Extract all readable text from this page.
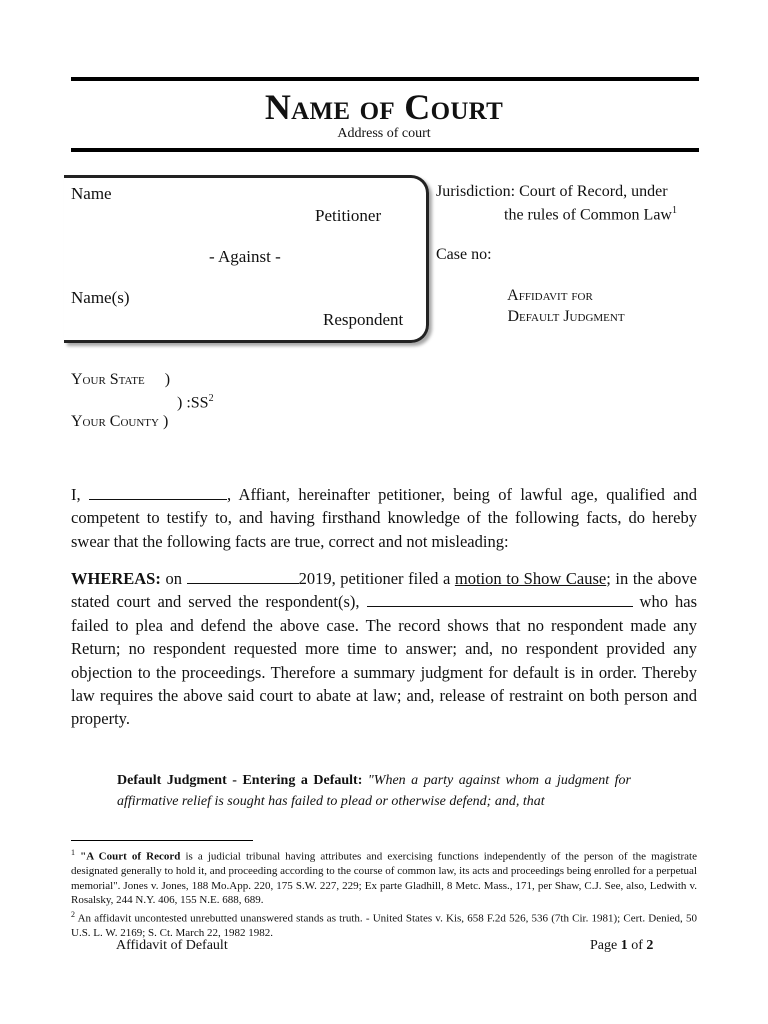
Name of Court
Address of court
Name
Petitioner
- Against -
Name(s)
Respondent
Jurisdiction: Court of Record, under
the rules of Common Law$^1$
Case no:
Affidavit for
Default Judgment
Your State )
) $:SS^2$
Your County )
I,	, Affiant, hereinafter petitioner, being of lawful age, qualified and competent to testify to, and having firsthand knowledge of the following facts, do hereby swear that the following facts are true, correct and not misleading:
WHEREAS: on	2019, petitioner filed a motion to Show Cause; in the above stated court and served the respondent(s),	who has failed to plea and defend the above case. The record shows that no respondent made any Return; no respondent requested more time to answer; and, no respondent provided any objection to the proceedings. Therefore a summary judgment for default is in order. Thereby law requires the above said court to abate at law; and, release of restraint on both person and property.
Default Judgment - Entering a Default: "When a party against whom a judgment for affirmative relief is sought has failed to plead or otherwise defend; and, that
$^1$ "A Court of Record is a judicial tribunal having attributes and exercising functions independently of the person of the magistrate designated generally to hold it, and proceeding according to the course of common law, its acts and proceedings being enrolled for a perpetual memorial". Jones v. Jones, 188 Mo.App. 220, 175 S.W. 227, 229; Ex parte Gladhill, 8 Metc. Mass., 171, per Shaw, C.J. See, also, Ledwith v. Rosalsky, 244 N.Y. 406, 155 N.E. 688, 689.
$^2$ An affidavit uncontested unrebutted unanswered stands as truth. - United States v. Kis, 658 F.2d 526, 536 (7th Cir. 1981); Cert. Denied, 50 U.S. L. W. 2169; S. Ct. March 22, 1982 1982.
Affidavit of Default	Page 1 of 2
